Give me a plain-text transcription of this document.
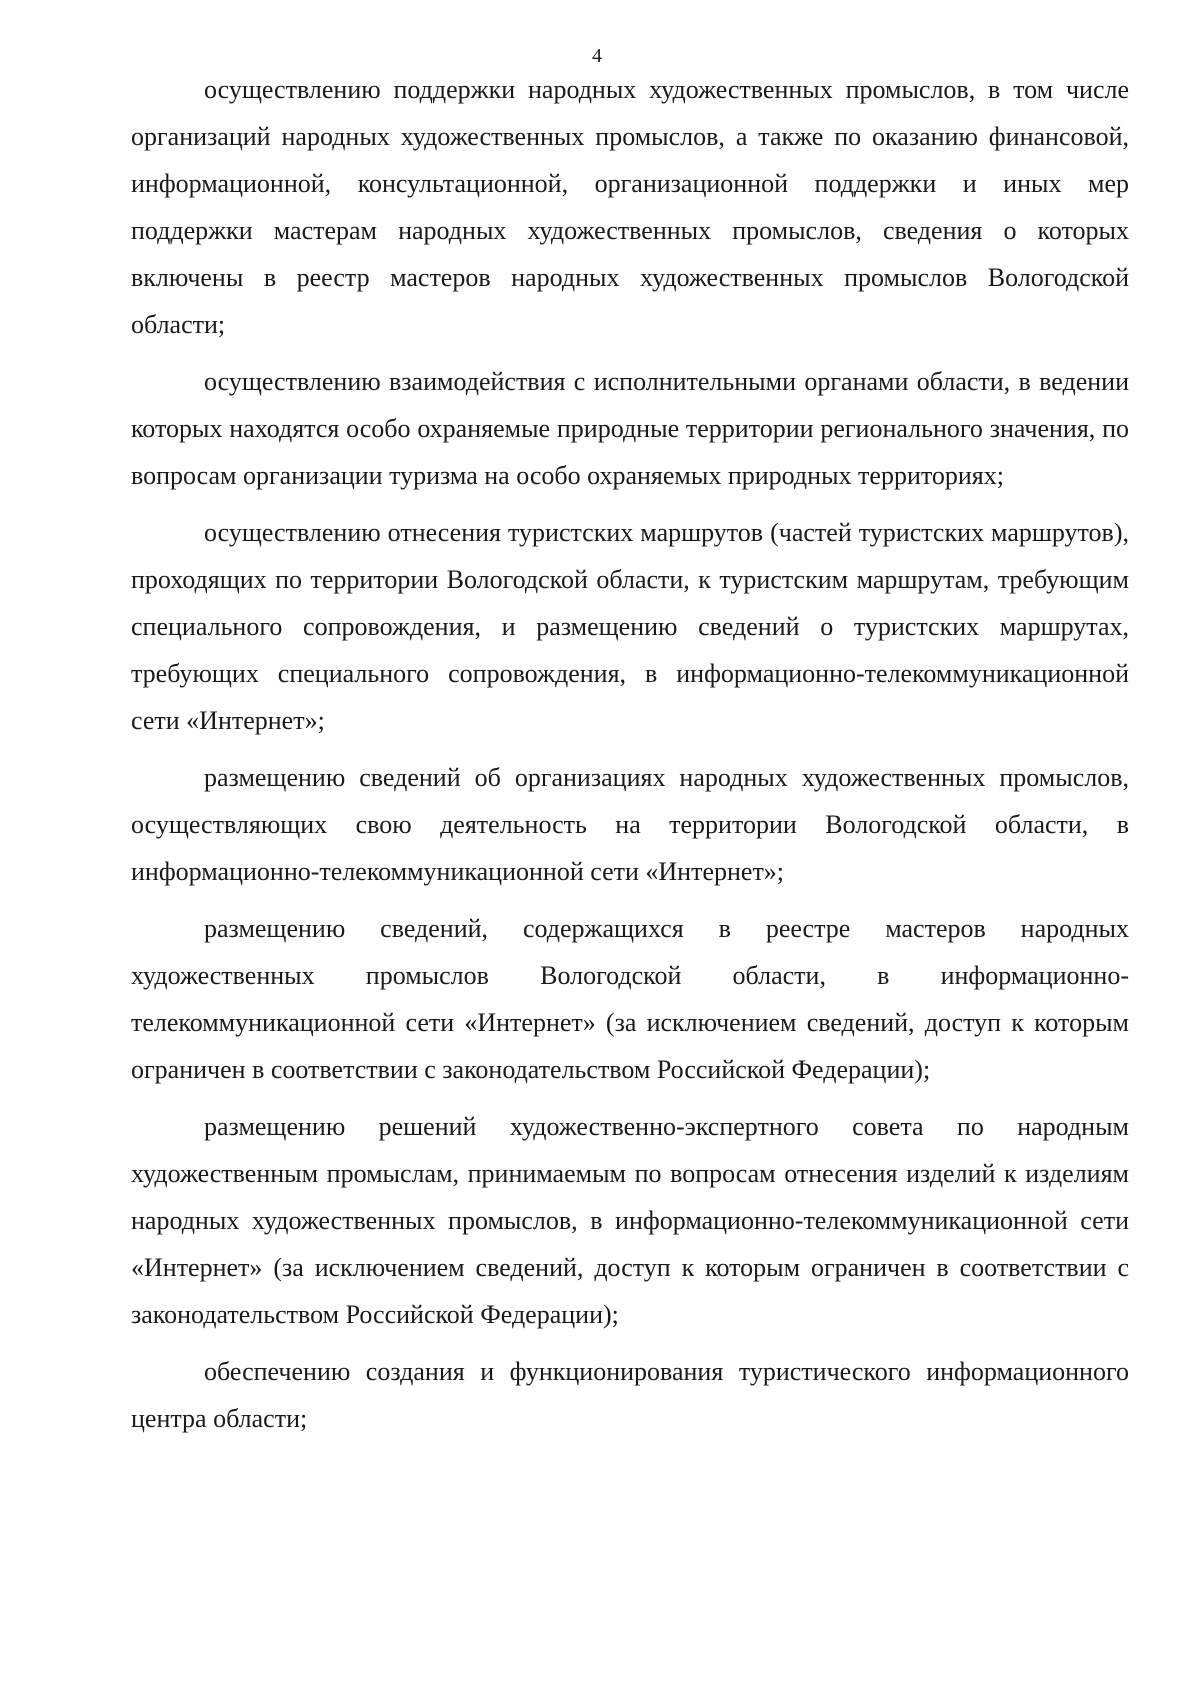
4

осуществлению поддержки народных художественных промыслов, в том числе организаций народных художественных промыслов, а также по оказанию финансовой, информационной, консультационной, организационной поддержки и иных мер поддержки мастерам народных художественных промыслов, сведения о которых включены в реестр мастеров народных художественных промыслов Вологодской области;

осуществлению взаимодействия с исполнительными органами области, в ведении которых находятся особо охраняемые природные территории регионального значения, по вопросам организации туризма на особо охраняемых природных территориях;

осуществлению отнесения туристских маршрутов (частей туристских маршрутов), проходящих по территории Вологодской области, к туристским маршрутам, требующим специального сопровождения, и размещению сведений о туристских маршрутах, требующих специального сопровождения, в информационно-телекоммуникационной сети «Интернет»;

размещению сведений об организациях народных художественных промыслов, осуществляющих свою деятельность на территории Вологодской области, в информационно-телекоммуникационной сети «Интернет»;

размещению сведений, содержащихся в реестре мастеров народных художественных промыслов Вологодской области, в информационно-телекоммуникационной сети «Интернет» (за исключением сведений, доступ к которым ограничен в соответствии с законодательством Российской Федерации);

размещению решений художественно-экспертного совета по народным художественным промыслам, принимаемым по вопросам отнесения изделий к изделиям народных художественных промыслов, в информационно-телекоммуникационной сети «Интернет» (за исключением сведений, доступ к которым ограничен в соответствии с законодательством Российской Федерации);

обеспечению создания и функционирования туристического информационного центра области;
